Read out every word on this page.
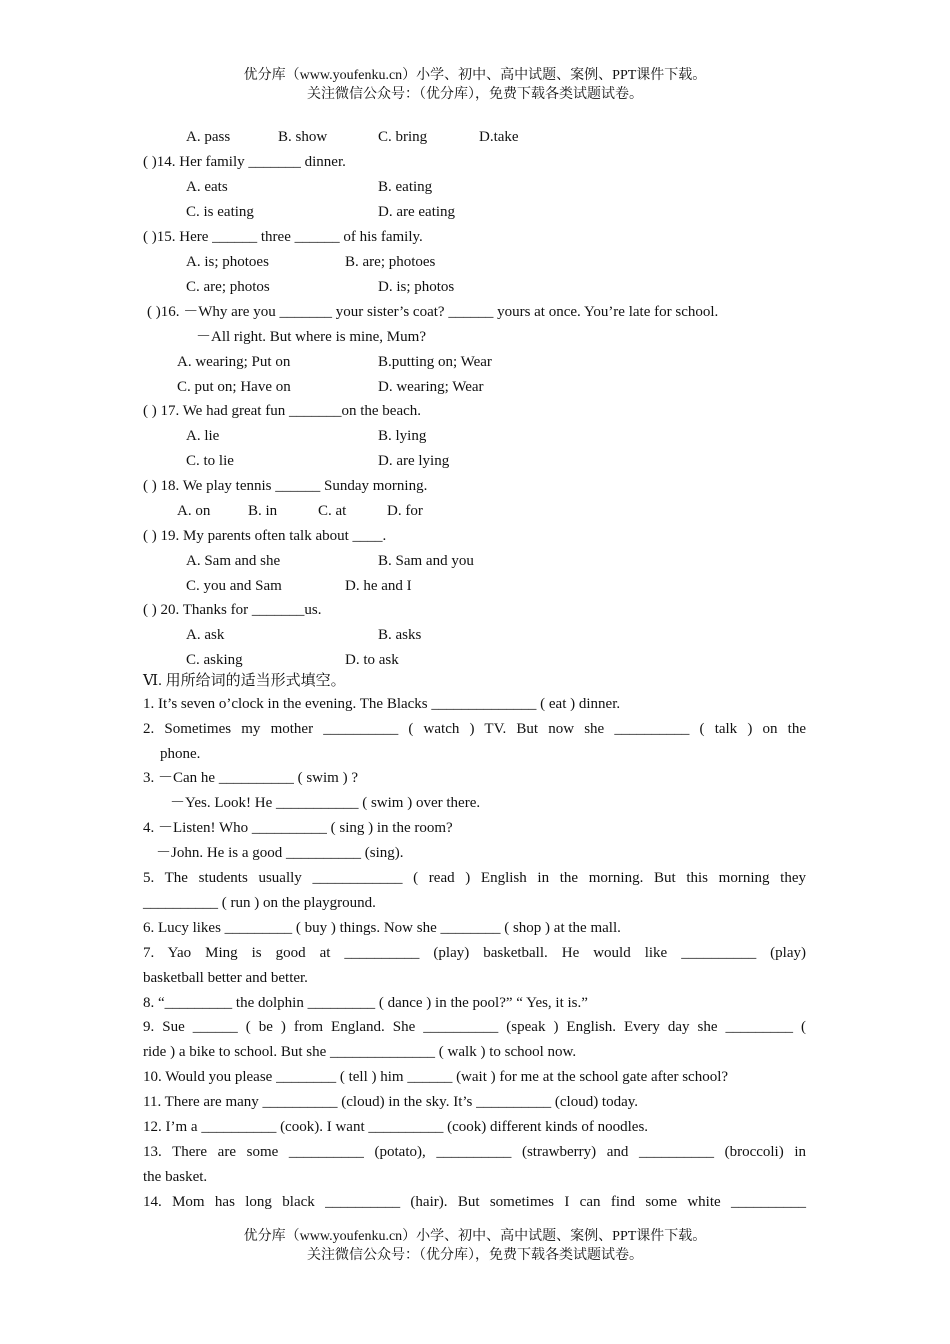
优分库（www.youfenku.cn）小学、初中、高中试题、案例、PPT课件下载。
关注微信公众号：（优分库），免费下载各类试题试卷。
A. pass	B. show	C. bring	D.take
( )14. Her family _______ dinner.
A. eats	B. eating
C. is eating	D. are eating
( )15. Here ______ three ______ of his family.
A. is; photoes	B. are; photoes
C. are; photos	D. is; photos
( )16. －Why are you _______ your sister’s coat? ______ yours at once. You’re late for school.
－All right. But where is mine, Mum?
A. wearing; Put on	B.putting on; Wear
C. put on; Have on	D. wearing; Wear
( ) 17. We had great fun _______on the beach.
A. lie	B. lying
C. to lie	D. are lying
( ) 18. We play tennis ______ Sunday morning.
A. on	B. in	C. at	D. for
( ) 19. My parents often talk about ____.
A. Sam and she	B. Sam and you
C. you and Sam	D. he and I
( ) 20. Thanks for _______us.
A. ask	B. asks
C. asking	D. to ask
Ⅵ. 用所给词的适当形式填空。
1. It’s seven o’clock in the evening. The Blacks ______________ ( eat ) dinner.
2. Sometimes my mother __________ ( watch ) TV. But now she __________ ( talk ) on the
phone.
3. －Can he __________ ( swim ) ?
－Yes. Look! He ___________ ( swim ) over there.
4. －Listen! Who __________ ( sing ) in the room?
－John. He is a good __________ (sing).
5. The students usually ____________ ( read ) English in the morning. But this morning they
__________ ( run ) on the playground.
6. Lucy likes _________ ( buy ) things. Now she ________ ( shop ) at the mall.
7. Yao Ming is good at __________ (play) basketball. He would like __________ (play)
basketball better and better.
8. “_________ the dolphin _________ ( dance ) in the pool?” “ Yes, it is.”
9. Sue ______ ( be ) from England. She __________ (speak ) English. Every day she _________ (
ride ) a bike to school. But she ______________ ( walk ) to school now.
10. Would you please ________ ( tell ) him ______ (wait ) for me at the school gate after school?
11. There are many __________ (cloud) in the sky. It’s __________ (cloud) today.
12. I’m a __________ (cook). I want __________ (cook) different kinds of noodles.
13. There are some __________ (potato), __________ (strawberry) and __________ (broccoli) in
the basket.
14. Mom has long black __________ (hair). But sometimes I can find some white __________
优分库（www.youfenku.cn）小学、初中、高中试题、案例、PPT课件下载。
关注微信公众号：（优分库），免费下载各类试题试卷。
